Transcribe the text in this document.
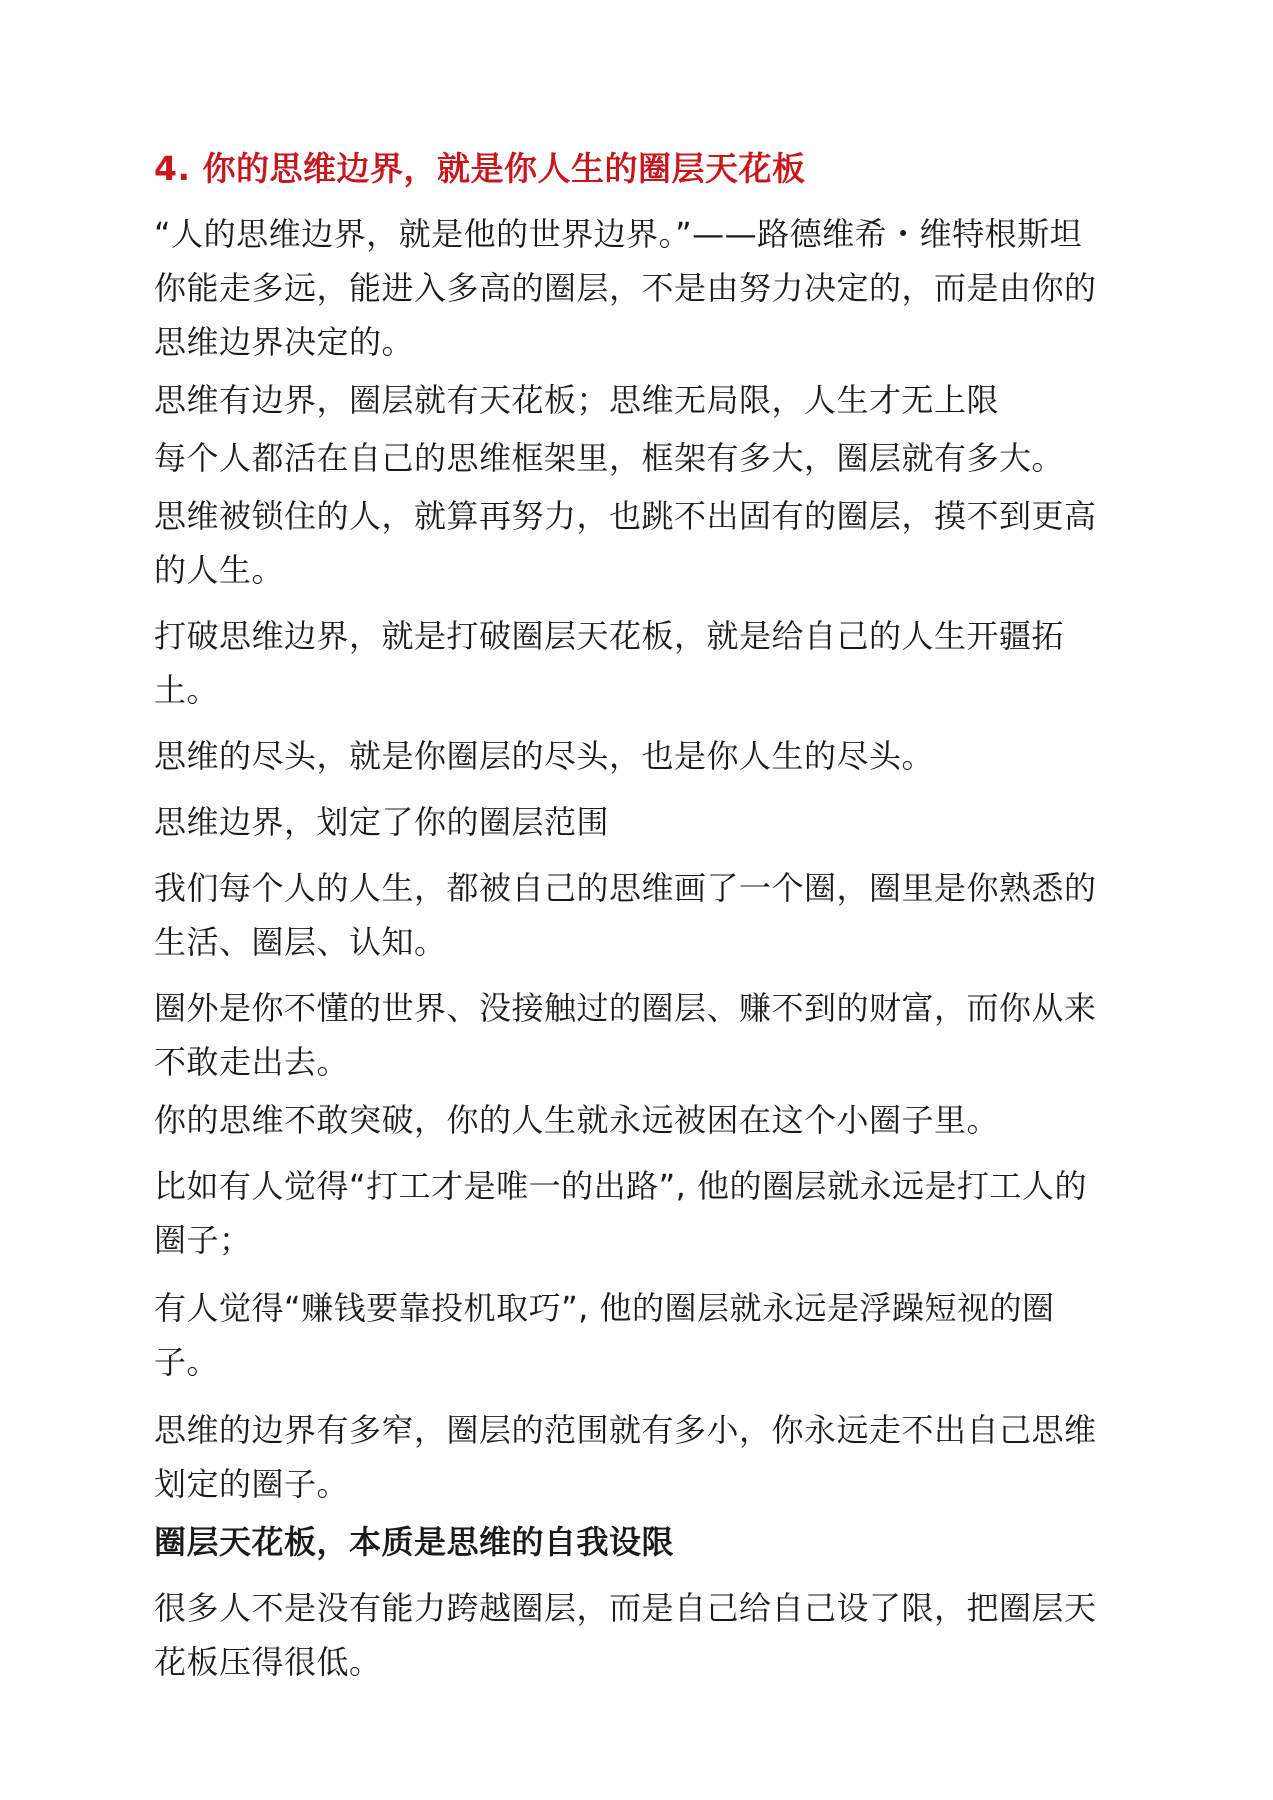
4. 你的思维边界，就是你人生的圈层天花板
“人的思维边界，就是他的世界边界。”——路德维希・维特根斯坦你能走多远，能进入多高的圈层，不是由努力决定的，而是由你的思维边界决定的。
思维有边界，圈层就有天花板；思维无局限，人生才无上限
每个人都活在自己的思维框架里，框架有多大，圈层就有多大。
思维被锁住的人，就算再努力，也跳不出固有的圈层，摸不到更高的人生。
打破思维边界，就是打破圈层天花板，就是给自己的人生开疆拓土。
思维的尽头，就是你圈层的尽头，也是你人生的尽头。
思维边界，划定了你的圈层范围
我们每个人的人生，都被自己的思维画了一个圈，圈里是你熟悉的生活、圈层、认知。
圈外是你不懂的世界、没接触过的圈层、赚不到的财富，而你从来不敢走出去。
你的思维不敢突破，你的人生就永远被困在这个小圈子里。
比如有人觉得“打工才是唯一的出路”, 他的圈层就永远是打工人的圈子；
有人觉得“赚钱要靠投机取巧”, 他的圈层就永远是浮躁短视的圈子。
思维的边界有多窄，圈层的范围就有多小，你永远走不出自己思维划定的圈子。
圈层天花板，本质是思维的自我设限
很多人不是没有能力跨越圈层，而是自己给自己设了限，把圈层天花板压得很低。
